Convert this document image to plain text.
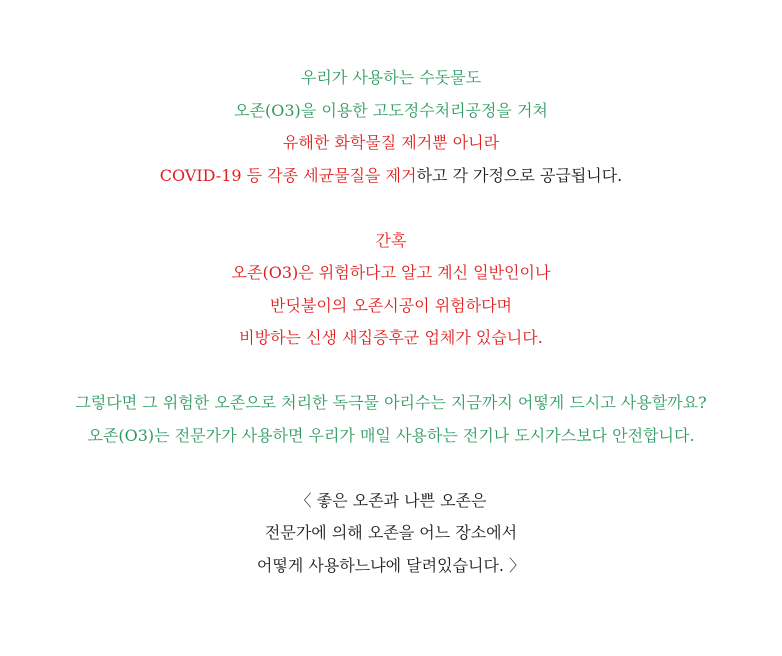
우리가 사용하는 수돗물도
오존(O3)을 이용한 고도정수처리공정을 거쳐
유해한 화학물질 제거뿐 아니라
COVID-19 등 각종 세균물질을 제거하고 각 가정으로 공급됩니다.
간혹
오존(O3)은 위험하다고 알고 계신 일반인이나
반딧불이의 오존시공이 위험하다며
비방하는 신생 새집증후군 업체가 있습니다.
그렇다면 그 위험한 오존으로 처리한 독극물 아리수는 지금까지 어떻게 드시고 사용할까요?
오존(O3)는 전문가가 사용하면 우리가 매일 사용하는 전기나 도시가스보다 안전합니다.
〈 좋은 오존과 나쁜 오존은
전문가에 의해 오존을 어느 장소에서
어떻게 사용하느냐에 달려있습니다. 〉
